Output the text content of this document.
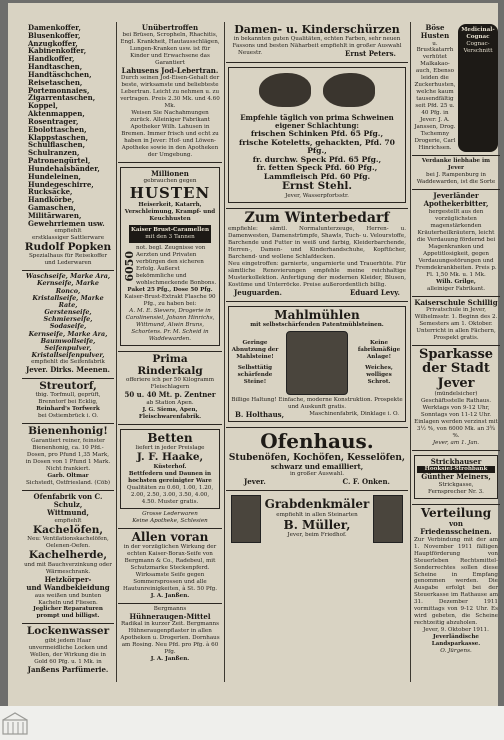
Damenkoffer,
Blusenkoffer,
Anzugkoffer,
Kabinenkoffer,
Handkoffer,
Handtaschen,
Handtäschchen,
Reisetaschen,
Portemonnaies,
Zigarrentaschen,
Koppel,
Aktenmappen,
Rosentrager,
Ebolottaschen,
Klappstaschen,
Schulflaschen,
Schulranzen,
Patronengürtel,
Hundehalsbänder,
Hundeleinen,
Hundegeschirre,
Rucksäcke,
Handkörbe,
Gamaschen,
Militärwaren,
Gewehrriemen usw.
empfiehlt
erstklassiger Sattlerware
Rudolf Popken
Spezialhaus für Reisekoffer und Lederwaren
Waschseife, Marke Ara,
Kernseife, Marke Ronco,
Kristallseife, Marke Rate,
Gerstenseife,
Schmierseife,
Sodaseife,
Kernseife, Marke Ara,
Baumwollseife,
Seifenpulver,
Kristallseifenpulver,
empfiehlt die Seifenfabrik
Jever. Dirks. Meenen.
Streutorf,
tbig. Torfmull, geprüft, Brenntorf bei Ecklig,
Reinhard's Torfwerk
bei Ostiembrück i. O.
Bienenhonig!
Garantiert reiner, feinster Bienenhonig, ca. 10 Pfd.-Dosen, pro Pfund 1,35 Mark, in Dosen von 1 Pfund 1 Mark. Nicht frankiert.
Garb. Oltmar
Sichstedt, Ostfriesland. (Cöb)
Ofenfabrik von C. Schulz,
Wittmund,
empfiehlt
Kachelöfen,
Neu: Ventilationskachelöfen, Oelenen-Oefen.
Kachelherde,
und mit Bauchverzinkung oder Wärmeschrank.
Heizkörper-
und Wandbekleidung
aus weißen und bunten Kacheln und Fliesen.
Jeglicher Reparaturen prompt und billigst.
Lockenwasser
gibt jedem Haar unvermeidliche Locken und Wellen, der Wirkung die in Gold 60 Pfg. u. 1 Mk. in
Janßens Parfümerie.
Unübertroffen
bei Brüsen, Scropheln, Rhachitis, Engl. Krankheit, Hautausschlägen, Lungen-Kranken usw. ist für Kinder und Erwachsene das Garantiert
Lahusens Jod-Lebertran.
Durch seinen Jod-Eisen-Gehalt der beste, wirksamste und beliebteste Lebertran. Leicht zu nehmen u. zu vertragen. Preis 2.30 Mk. und 4.60 Mk.
Weisen Sie Nachahmungen zurück. Alleiniger Fabrikant Apotheker Wilh. Lahusen in Bremen. Immer frisch und echt zu haben in Jever: Hof- und Löwen-Apotheke sowie in den Apotheken der Umgebung.
Millionen
gebrauchen gegen
HUSTEN
Heiserkeit, Katarrh, Verschleimung, Krampf- und Keuchhusten
Kaiser Brust-Caramellen
mit den 3 Tannen
6050
not. begl. Zeugnisse von Aerzten und Privaten verbürgen den sicheren Erfolg. Äußerst bekömmliche und wohlschmeckende Bonbons.
Paket 25 Pfg., Dose 50 Pfg.
Kaiser-Brust-Extrakt Flasche 90 Pfg., zu haben bei:
A. M. E. Sievers, Drogerie in Carolinensiel, Johann Hinrichs, Wittmund, Alwin Bruns, Schortens. Pr. M. Scheid in Waddewarden.
Prima Rinderkalg
offeriere ich per 50 Kilogramm Fleischlagern
50 u. 40 Mt. p. Zentner
ab Station Apen.
J. G. Siems, Apen, Fleischwarenfabrik.
Betten
liefert in jeder Preislage
J. F. Haake,
Küsterhof.
Bettfedern und Daunen in hochsten gereinigter Ware
Qualitäten zu 0.60, 1.00, 1.20, 2.00, 2.50, 3.00, 3.50, 4.00, 4.50. Muster gratis.
Grosse Lederwaren
Keine Apotheke, Schlesien
Allen voran
in der vorzüglichen Wirkung der echten Kaiser-Borax-Seife von Bergmann & Co., Radebeul, mit Schutzmarke Steckenpferd. Wirksamste Seife gegen Sommersprossen und alle Hautunreinigkeiten, à St. 50 Pfg.
J. A. Janßen.
Bergmanns
Hühneraugen-Mittel
Radikal in kurzer Zeit. Bergmanns Hühneraugenpflaster in allen Apotheken u. Drogerien. Dornhaus am Rosing. Neu Pfd. pro Pfg. à 60 Pfg.
J. A. Janßen.
Damen- u. Kinderschürzen
in bekannten guten Qualitäten, echten Farben, sehr neuen Fassons und besten Näharbeit empfiehlt in großer Auswahl
Neuestr.	Ernst Peters.

Empfehle täglich von prima Schweinen eigener Schlachtung:
frischen Schinken Pfd. 65 Pfg.,
frische Koteletts, gehackten, Pfd. 70 Pfg.,
fr. durchw. Speck Pfd. 65 Pfg.,
fr. fetten Speck Pfd. 60 Pfg.,
Lammfleisch Pfd. 60 Pfg.
Ernst Stehl.
Jever, Wasserpfortsstr.
Zum Winterbedarf
empfiehle: sämtl. Normalunterzeuge, Herren- u. Damenwesten, Damenstrümpfe, Shawls, Tuch- u. Velourstoffe, Barchende und Futter in weiß und farbig, Kleiderbarchende, Herren-, Damen- und Kinderhandschuhe, Kopftücher, Barchend- und wollene Schlafdecken.
Neu eingetroffen: garnierte, ungarnierte und Trauerhüte. Für sämtliche Renovierungen empfehle meine reichhaltige Musterkollektion. Anfertigung der modernen Kleider, Blusen, Kostüme und Unterröcke. Preise außerordentlich billig.
Jeuguarden.	Eduard Levy.
Mahlmühlen
mit selbstschärfenden Patentmühlsteinen.
Geringe Abnutzung der Mahlsteine!
Selbsttätig schärfende Steine!
Keine fabrikmäßige Anlage!
Weiches, wolliges Schrot.
Billige Haltung! Einfache, moderne Konstruktion. Prospekte und Auskunft gratis.
B. Holthaus,	Maschinenfabrik, Dinklage i. O.
Ofenhaus.
Stubenöfen, Kochöfen, Kesselöfen,
schwarz und emailliert,
in großer Auswahl.
Jever.	C. F. Onken.
Grabdenkmäler
empfiehlt in allen Steinarten
B. Müller,
Jever, beim Friedhof.
Böse Husten
u. Brustkatarrh verhütet Malkakao- auch, Ebenso leiden die Zuckerhusten, welche kaum tausendfältig seit Pfd. 25 u. 40 Pfg. in Jever: J. A. Janssen, Drog. Tschemny Drogerie, Carl Hinrichsen.
Medicinal-Cognac
Cognac-Verschnitt
Verdanke liebhabe im Jever
bei J. Rampenburg in Waddewarden, ist die Sorte
Jeverländer Apothekerbitter,
hergestellt aus den vorzüglichsten magenstärkenden Kräuterheilkräutern, leicht die Verdauung fördernd bei Magenkranken und Appetitlosigkeit, gegen Verdauungsstörungen und Fremdekrankheiten. Preis p. Fl. 1,50 Mk. u. 1 Mk.
Wilh. Grilge,
alleiniger Fabrikant.
Kaiserschule Schillig
Privatschule in Jever, Wilhelmsstr. 1. Beginn des 2. Semesters am 1. Oktober. Unterricht in allen Fächern, Prospekt gratis.
Sparkasse der Stadt Jever
(mündelsicher)
Geschäftsstelle Rathaus. Werktags von 9-12 Uhr, Sonntags von 11-12 Uhr. Einlagen werden verzinst mit 3½ %, von 6000 Mk. an 3¾ %.
Jever, am 1. Jan.
Strickhauser
Hooksiel-Strohbank
Günther Meiners,
Strickgasse,
Fernsprecher Nr. 3.
Verteilung
von Friedensscheinen.
Zur Verbindung mit der am 1. November 1911 fälligen Hauptförderung von Steuerleben Rechtsmittel-Sonderrechtes sollen diese Scheine in Empfang genommen werden. Die Ausgabe erfolgt bei der Steuerkasse im Rathause am 31. Dezember 1911 vormittags von 9-12 Uhr. Es wird gebeten, die Scheine rechtzeitig abzuholen.
Jever, 9. Oktober 1911.
Jeverländische Landsparkasse.
O. Jürgens.
